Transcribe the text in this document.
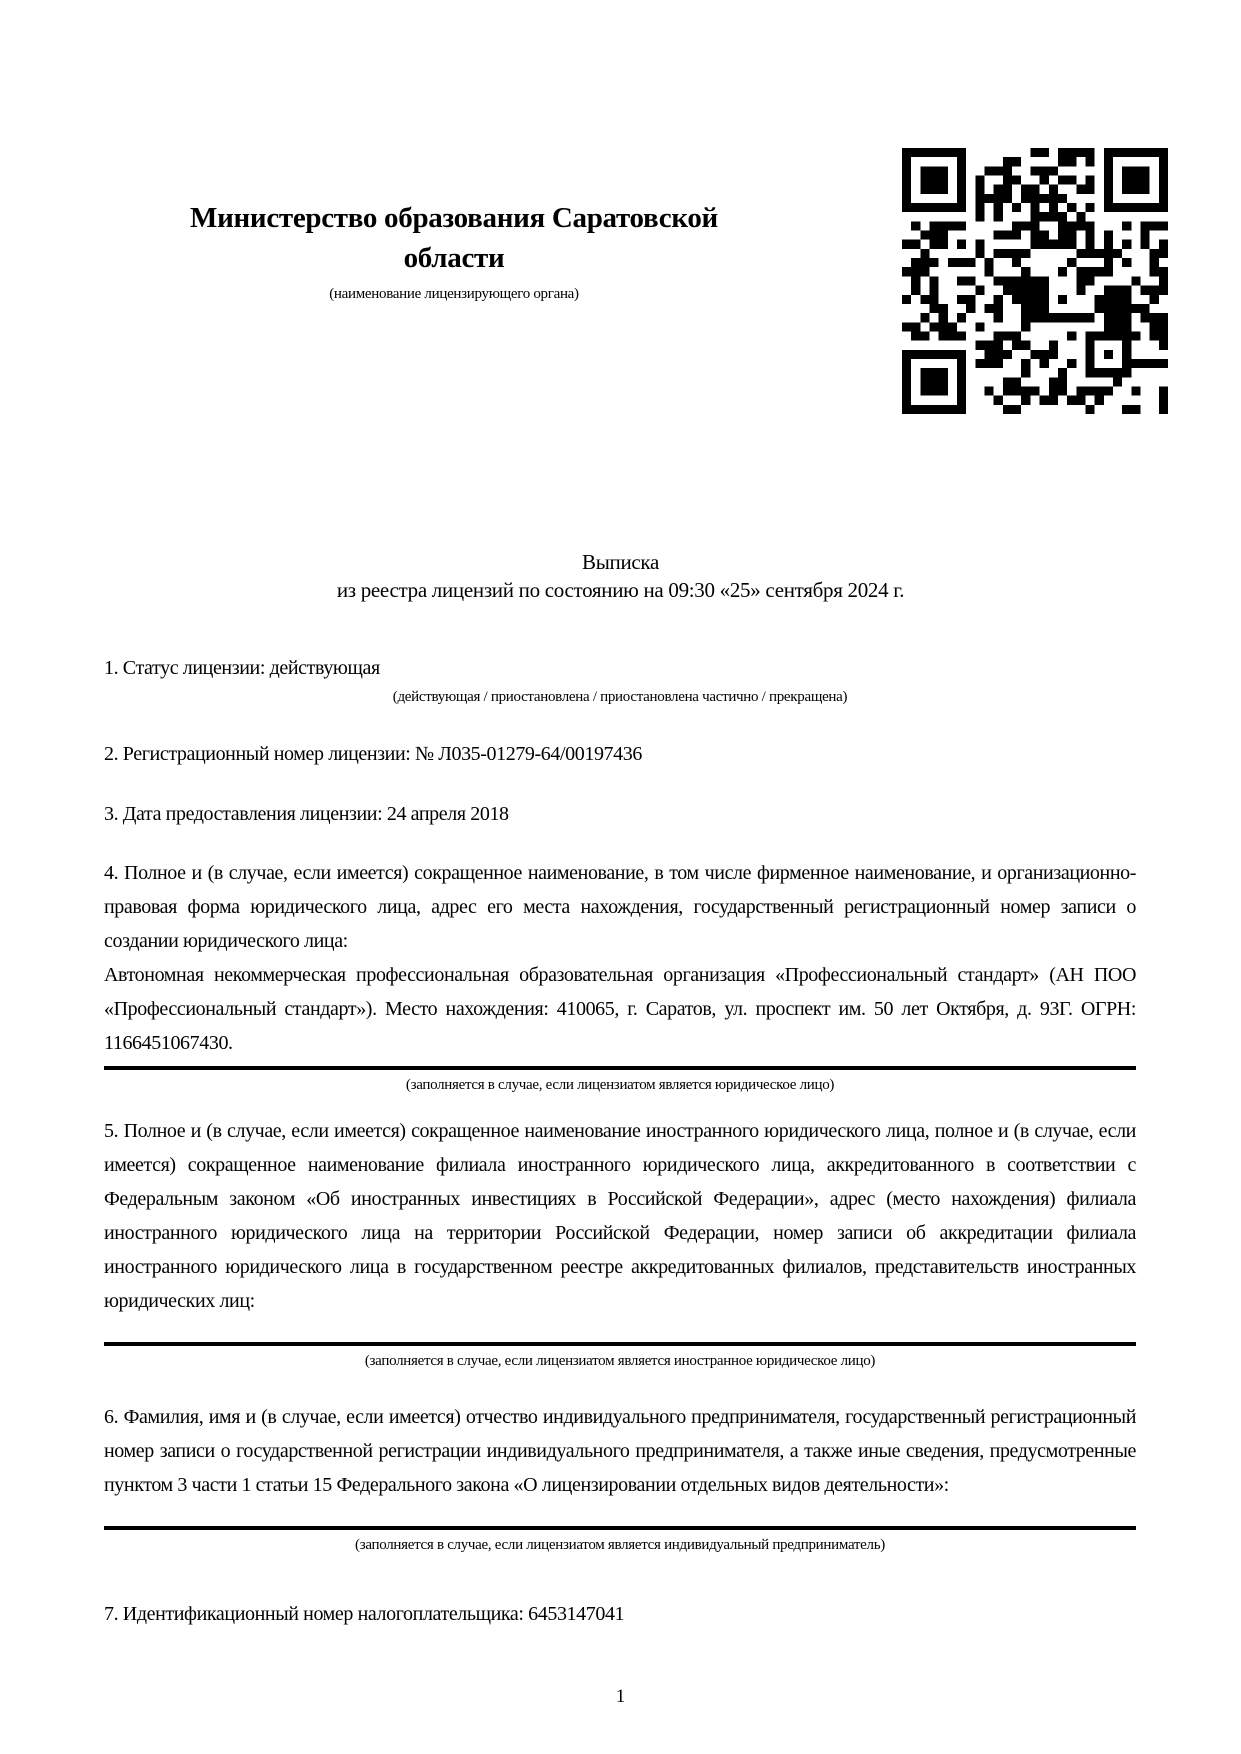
Министерство образования Саратовской
области
(наименование лицензирующего органа)
Выписка
из реестра лицензий по состоянию на 09:30 «25» сентября 2024 г.
1. Статус лицензии: действующая
(действующая / приостановлена / приостановлена частично / прекращена)
2. Регистрационный номер лицензии: № Л035-01279-64/00197436
3. Дата предоставления лицензии: 24 апреля 2018
4. Полное и (в случае, если имеется) сокращенное наименование, в том числе фирменное наименование, и организационно-правовая форма юридического лица, адрес его места нахождения, государственный регистрационный номер записи о создании юридического лица:
Автономная некоммерческая профессиональная образовательная организация «Профессиональный стандарт» (АН ПОО «Профессиональный стандарт»). Место нахождения: 410065, г. Саратов, ул. проспект им. 50 лет Октября, д. 93Г. ОГРН: 1166451067430.
(заполняется в случае, если лицензиатом является юридическое лицо)
5. Полное и (в случае, если имеется) сокращенное наименование иностранного юридического лица, полное и (в случае, если имеется) сокращенное наименование филиала иностранного юридического лица, аккредитованного в соответствии с Федеральным законом «Об иностранных инвестициях в Российской Федерации», адрес (место нахождения) филиала иностранного юридического лица на территории Российской Федерации, номер записи об аккредитации филиала иностранного юридического лица в государственном реестре аккредитованных филиалов, представительств иностранных юридических лиц:
(заполняется в случае, если лицензиатом является иностранное юридическое лицо)
6. Фамилия, имя и (в случае, если имеется) отчество индивидуального предпринимателя, государственный регистрационный номер записи о государственной регистрации индивидуального предпринимателя, а также иные сведения, предусмотренные пунктом 3 части 1 статьи 15 Федерального закона «О лицензировании отдельных видов деятельности»:
(заполняется в случае, если лицензиатом является индивидуальный предприниматель)
7. Идентификационный номер налогоплательщика: 6453147041
1
